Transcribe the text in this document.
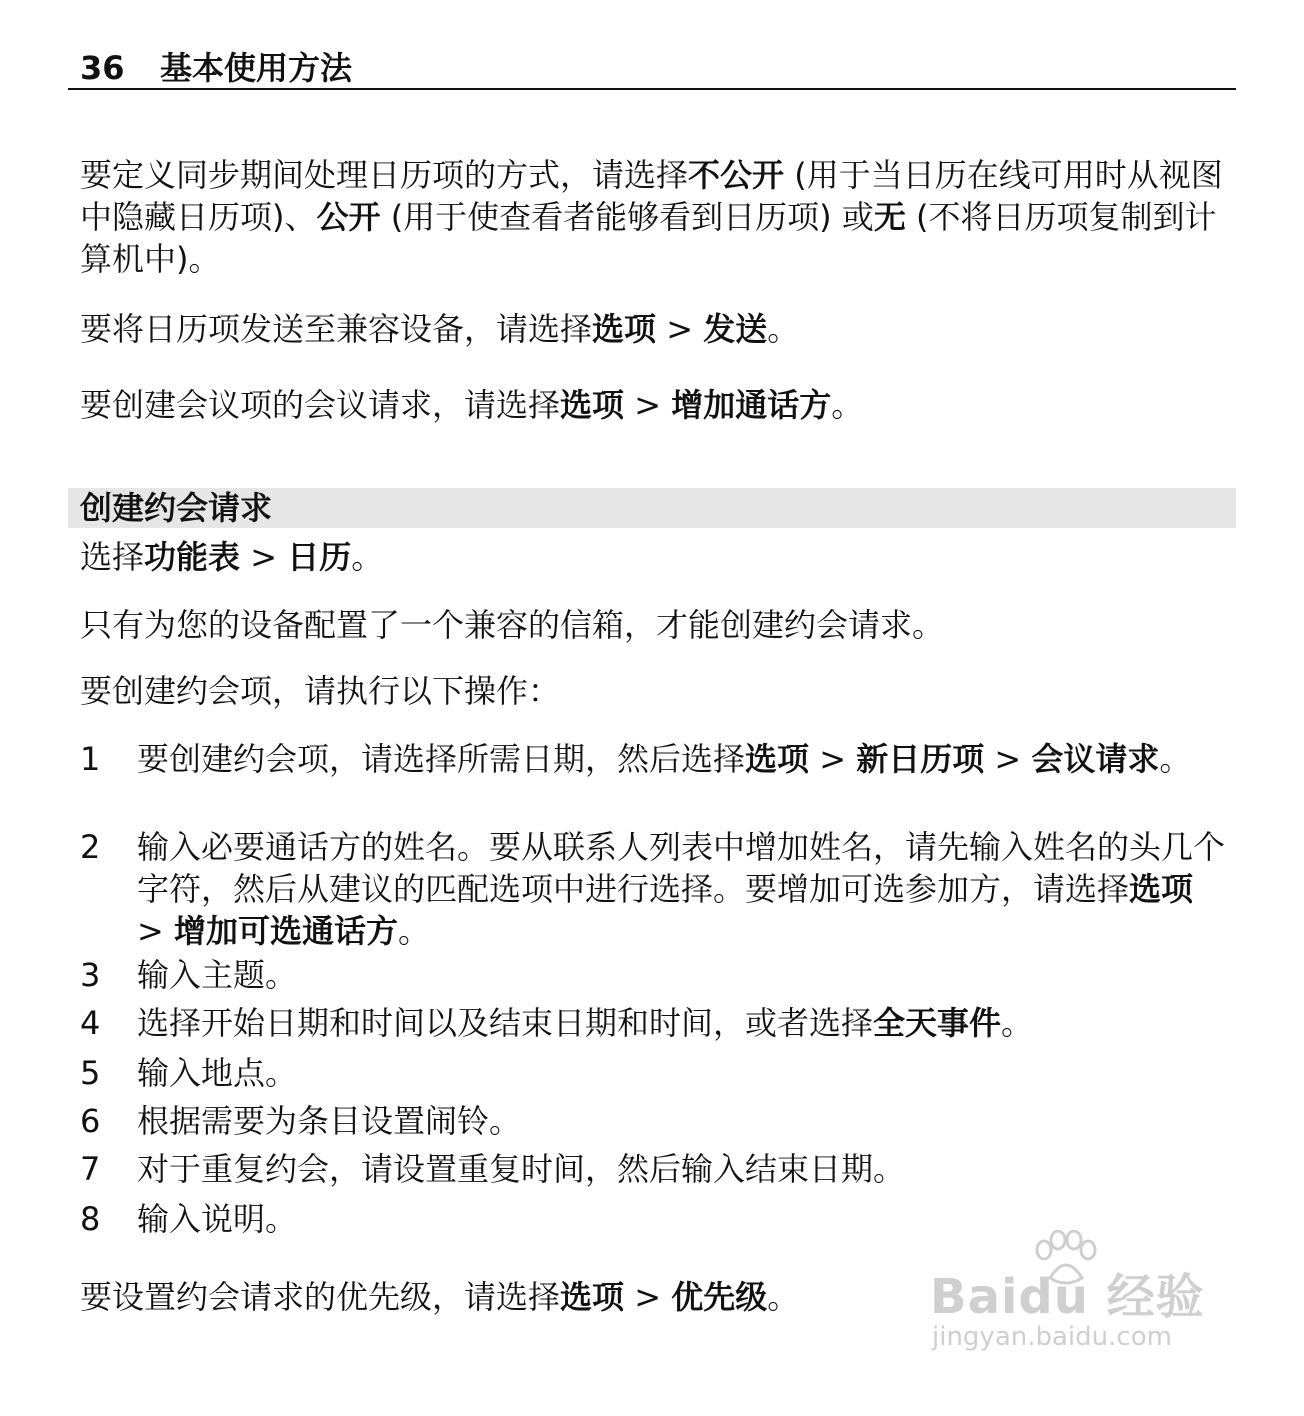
36 基本使用方法

要定义同步期间处理日历项的方式，请选择不公开 (用于当日历在线可用时从视图中隐藏日历项)、公开 (用于使查看者能够看到日历项) 或无 (不将日历项复制到计算机中)。

要将日历项发送至兼容设备，请选择选项 > 发送。

要创建会议项的会议请求，请选择选项 > 增加通话方。

创建约会请求

选择功能表 > 日历。

只有为您的设备配置了一个兼容的信箱，才能创建约会请求。

要创建约会项，请执行以下操作：

1	要创建约会项，请选择所需日期，然后选择选项 > 新日历项 > 会议请求。
2	输入必要通话方的姓名。要从联系人列表中增加姓名，请先输入姓名的头几个字符，然后从建议的匹配选项中进行选择。要增加可选参加方，请选择选项 > 增加可选通话方。
3	输入主题。
4	选择开始日期和时间以及结束日期和时间，或者选择全天事件。
5	输入地点。
6	根据需要为条目设置闹铃。
7	对于重复约会，请设置重复时间，然后输入结束日期。
8	输入说明。

要设置约会请求的优先级，请选择选项 > 优先级。	Baidu 经验
jingyan.baidu.com
